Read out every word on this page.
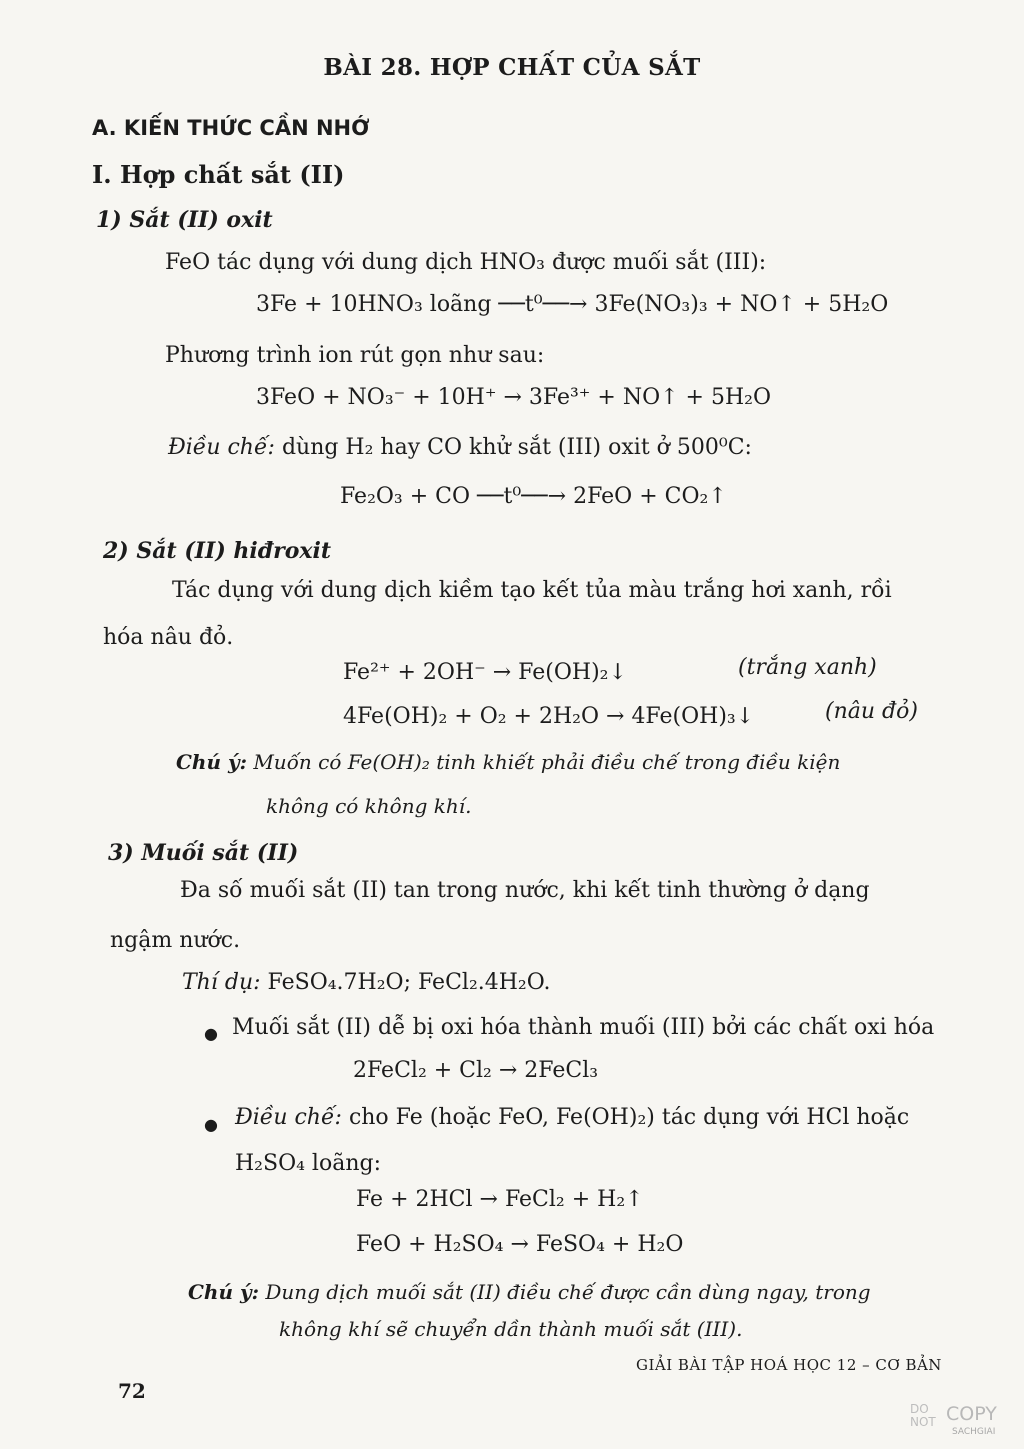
BÀI 28. HỢP CHẤT CỦA SẮT
A. KIẾN THỨC CẦN NHỚ
I. Hợp chất sắt (II)
1) Sắt (II) oxit
FeO tác dụng với dung dịch HNO₃ được muối sắt (III):
3Fe + 10HNO₃ loãng ──t⁰──→ 3Fe(NO₃)₃ + NO↑ + 5H₂O
Phương trình ion rút gọn như sau:
3FeO + NO₃⁻ + 10H⁺ → 3Fe³⁺ + NO↑ + 5H₂O
Điều chế: dùng H₂ hay CO khử sắt (III) oxit ở 500⁰C:
Fe₂O₃ + CO ──t⁰──→ 2FeO + CO₂↑
2) Sắt (II) hiđroxit
Tác dụng với dung dịch kiềm tạo kết tủa màu trắng hơi xanh, rồi
hóa nâu đỏ.
Fe²⁺ + 2OH⁻ → Fe(OH)₂↓	(trắng xanh)
4Fe(OH)₂ + O₂ + 2H₂O → 4Fe(OH)₃↓	(nâu đỏ)
Chú ý: Muốn có Fe(OH)₂ tinh khiết phải điều chế trong điều kiện
không có không khí.
3) Muối sắt (II)
Đa số muối sắt (II) tan trong nước, khi kết tinh thường ở dạng
ngậm nước.
Thí dụ: FeSO₄.7H₂O; FeCl₂.4H₂O.
● Muối sắt (II) dễ bị oxi hóa thành muối (III) bởi các chất oxi hóa
2FeCl₂ + Cl₂ → 2FeCl₃
● Điều chế: cho Fe (hoặc FeO, Fe(OH)₂) tác dụng với HCl hoặc
H₂SO₄ loãng:
Fe + 2HCl → FeCl₂ + H₂↑
FeO + H₂SO₄ → FeSO₄ + H₂O
Chú ý: Dung dịch muối sắt (II) điều chế được cần dùng ngay, trong
không khí sẽ chuyển dần thành muối sắt (III).
GIẢI BÀI TẬP HOÁ HỌC 12 – CƠ BẢN
72
DO
NOT COPY
SACHGIAI
